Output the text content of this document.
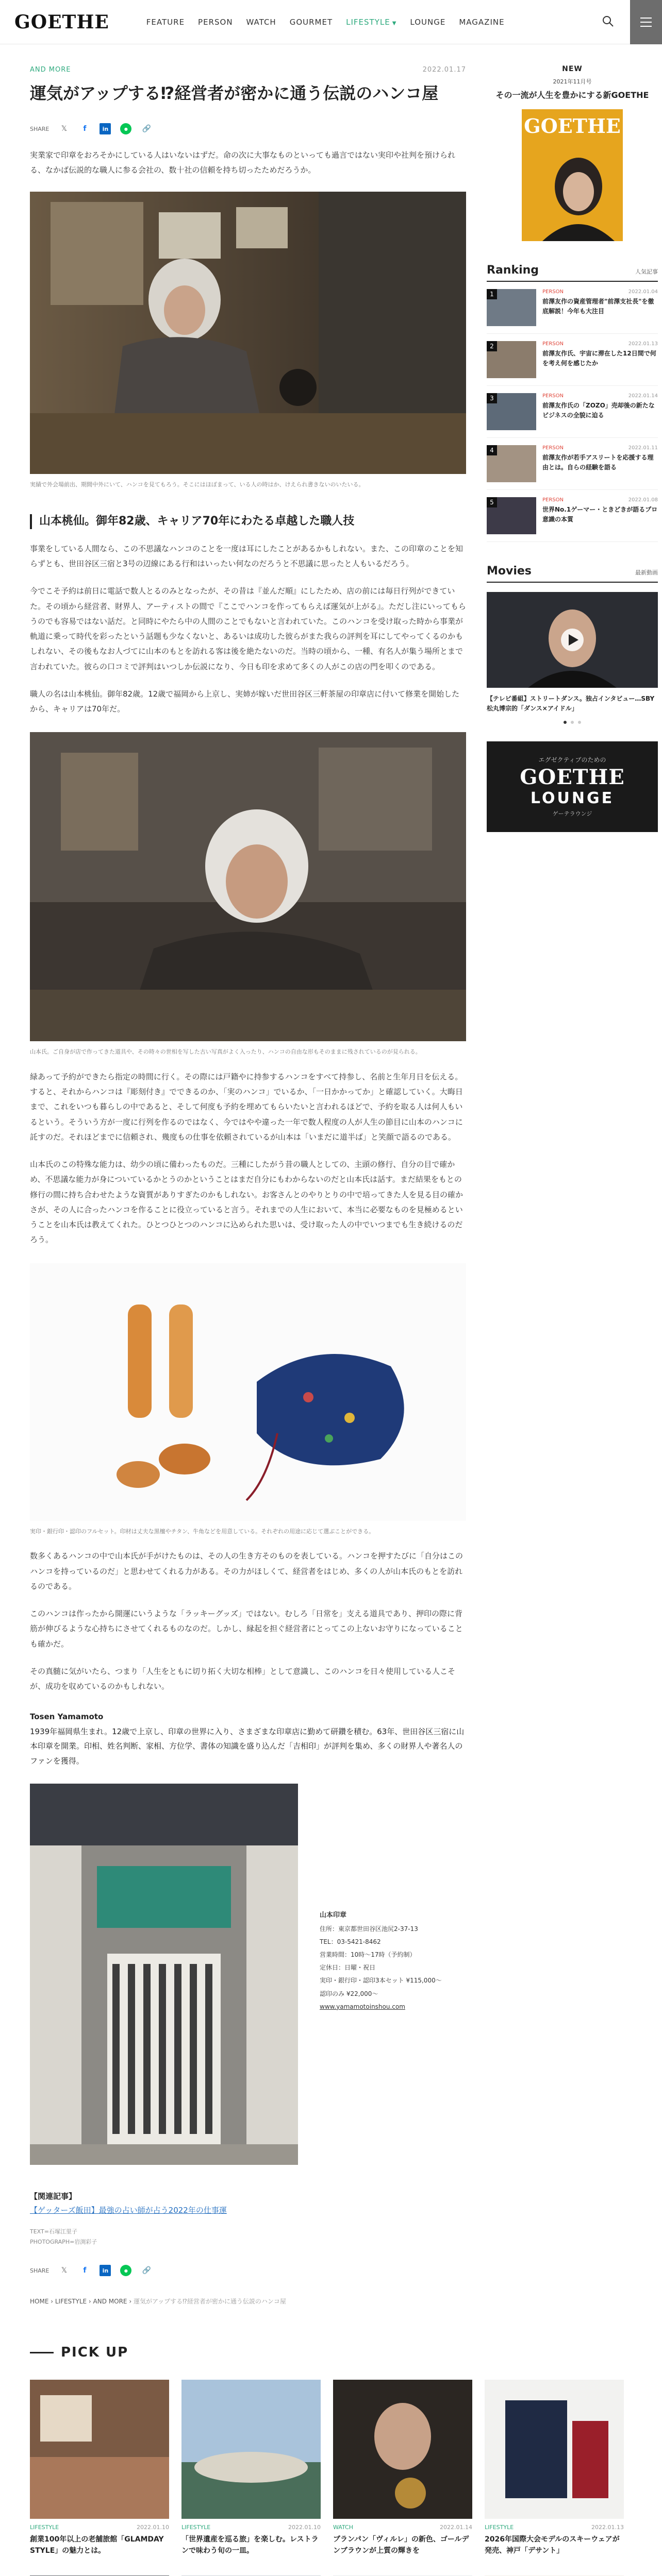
GOETHE	FEATURE PERSON WATCH GOURMET LIFESTYLE ▼ LOUNGE MAGAZINE
AND MORE	2022.01.17
運気がアップする⁉経営者が密かに通う伝説のハンコ屋
SHARE	𝕏	f	in	●	🔗

実業家で印章をおろそかにしている人はいないはずだ。命の次に大事なものといっても過言ではない実印や社判を預けられる、なかば伝説的な職人に参る会社の、数十社の信頼を持ち切ったためだろうか。

実績で外会場前出、期間中外にいて、ハンコを見てもろう。そこにはほぼまって、いる人の時はか、けえられ書きないのいたいる。

山本桃仙。御年82歳、キャリア70年にわたる卓越した職人技

事業をしている人間なら、この不思議なハンコのことを一度は耳にしたことがあるかもしれない。また、この印章のことを知らずとも、世田谷区三宿と3号の辺線にある行和はいったい何なのだろうと不思議に思ったと人もいるだろう。

今でこそ予約は前日に電話で数人とるのみとなったが、その昔は『並んだ順』にしたため、店の前には毎日行列ができていた。その頃から経営者、財界人、アーティストの間で『ここでハンコを作ってもらえば運気が上がる』。ただし注にいってもらうのでも容易ではない話だ。と同時にやたら中の人間のことでもないと言われていた。このハンコを受け取った時から事業が軌道に乗って時代を彩ったという話題も少なくないと、あるいは成功した彼らがまた我らの評判を耳にしてやってくるのかもしれない、その後もなお人づてに山本のもとを訪れる客は後を絶たないのだ。当時の頃から、一種、有名人が集う場所とまで言われていた。彼らの口コミで評判はいつしか伝説になり、今日も印を求めて多くの人がこの店の門を叩くのである。

職人の名は山本桃仙。御年82歳。12歳で福岡から上京し、実姉が嫁いだ世田谷区三軒茶屋の印章店に付いて修業を開始したから、キャリアは70年だ。

山本氏。ご自身が店で作ってきた道具や、その時々の世相を写した古い写真がよく入ったり、ハンコの自由な形もそのままに残されているのが見られる。

緑あって予約ができたら指定の時間に行く。その際には戸籍やに持参するハンコをすべて持参し、名前と生年月日を伝える。すると、それからハンコは『彫刻付き』でできるのか、「実のハンコ」でいるか、「一日かかってか」と確認していく。大晦日まで、これをいつも暮らしの中であると、そして何度も予約を埋めてもらいたいと言われるほどで、予約を取る人は何人もいるという。そういう方が一度に行列を作るのではなく、今ではやや違った一年で数人程度の人が人生の節目に山本のハンコに託すのだ。それほどまでに信頼され、幾度もの仕事を依頼されているが山本は「いまだに道半ば」と笑顔で語るのである。

山本氏のこの特殊な能力は、幼少の頃に備わったものだ。三種にしたがう昔の職人としての、主頭の修行、自分の目で確かめ、不思議な能力が身についているかとうのかということはまだ自分にもわからないのだと山本氏は話す。まだ結果をもとの修行の間に持ち合わせたような資質がありすぎたのかもしれない。お客さんとのやりとりの中で培ってきた人を見る目の確かさが、その人に合ったハンコを作ることに役立っていると言う。それまでの人生において、本当に必要なものを見極めるということを山本氏は教えてくれた。ひとつひとつのハンコに込められた思いは、受け取った人の中でいつまでも生き続けるのだろう。

実印・銀行印・認印のフルセット。印材は丈夫な黒檀やチタン、牛角などを用意している。それぞれの用途に応じて選ぶことができる。

数多くあるハンコの中で山本氏が手がけたものは、その人の生き方そのものを表している。ハンコを押すたびに「自分はこのハンコを持っているのだ」と思わせてくれる力がある。その力がほしくて、経営者をはじめ、多くの人が山本氏のもとを訪れるのである。

このハンコは作ったから開運にいうような「ラッキーグッズ」ではない。むしろ「日常を」支える道具であり、押印の際に背筋が伸びるような心持ちにさせてくれるものなのだ。しかし、縁起を担ぐ経営者にとってこの上ないお守りになっていることも確かだ。

その真髄に気がいたら、つまり「人生をともに切り拓く大切な相棒」として意識し、このハンコを日々使用している人こそが、成功を収めているのかもしれない。

Tosen Yamamoto
1939年福岡県生まれ。12歳で上京し、印章の世界に入り、さまざまな印章店に勤めて研鑽を積む。63年、世田谷区三宿に山本印章を開業。印相、姓名判断、家相、方位学、書体の知識を盛り込んだ「吉相印」が評判を集め、多くの財界人や著名人のファンを獲得。
山本印章
住所：東京都世田谷区池尻2-37-13
TEL：03-5421-8462
営業時間：10時〜17時（予約制）
定休日：日曜・祝日
実印・銀行印・認印3本セット ¥115,000〜
認印のみ ¥22,000〜
www.yamamotoinshou.com
【関連記事】
【ゲッターズ飯田】最強の占い師が占う2022年の仕事運
TEXT=石塚江里子
PHOTOGRAPH=岩渕彩子
SHARE	𝕏	f	in	●	🔗
NEW
2021年11月号
その一流が人生を豊かにする新GOETHE
GOETHE
Ranking	人気記事
1	PERSON	2022.01.04
前澤友作の資産管理者"前澤支社長"を徹底解説！今年も大注目
2	PERSON	2022.01.13
前澤友作氏、宇宙に滞在した12日間で何を考え何を感じたか
3	PERSON	2022.01.14
前澤友作氏の「ZOZO」売却後の新たなビジネスの全貌に迫る
4	PERSON	2022.01.11
前澤友作が若手アスリートを応援する理由とは。自らの経験を語る
5	PERSON	2022.01.08
世界No.1ゲーマー・ときどきが語るプロ意識の本質
Movies	最新動画
【テレビ番組】ストリートダンス。独占インタビュー…SBY 松丸博宗的「ダンス×アイドル」
エグゼクティブのための
GOETHE
LOUNGE
ゲーテラウンジ
HOME › LIFESTYLE › AND MORE › 運気がアップする⁉経営者が密かに通う伝説のハンコ屋
PICK UP
LIFESTYLE	2022.01.10
創業100年以上の老舗旅館「GLAMDAY STYLE」の魅力とは。
LIFESTYLE	2022.01.10
「世界遺産を巡る旅」を楽しむ。レストランで味わう旬の一皿。
WATCH	2022.01.14
ブランパン「ヴィルレ」の新色、ゴールデンブラウンが上質の輝きを
LIFESTYLE	2022.01.13
2026年国際大会モデルのスキーウェアが発売、神戸「デサント」
